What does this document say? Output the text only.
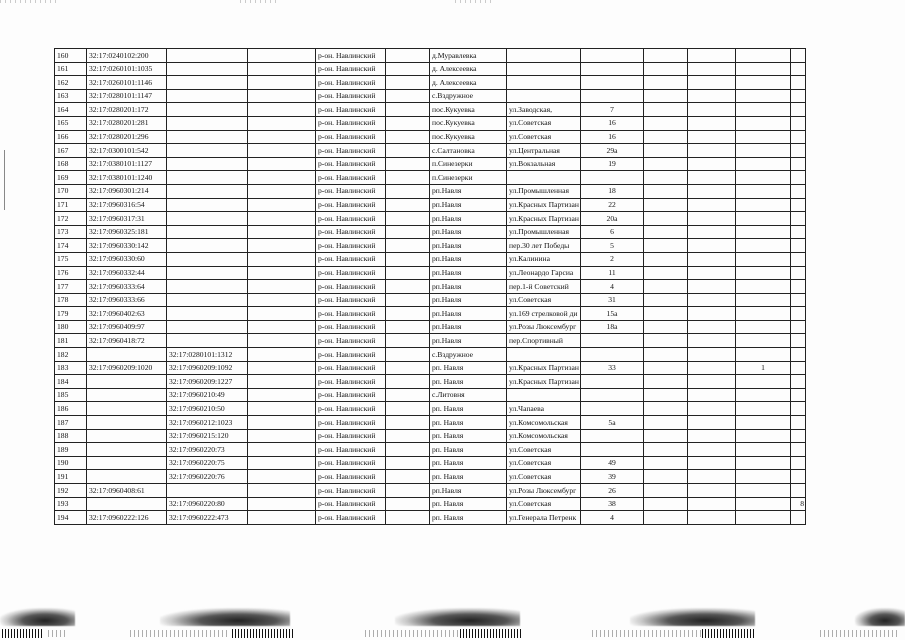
160	32:17:0240102:200			р-он. Навлинский		д.Муравлевка						
161	32:17:0260101:1035			р-он. Навлинский		д. Алексеевка						
162	32:17:0260101:1146			р-он. Навлинский		д. Алексеевка						
163	32:17:0280101:1147			р-он. Навлинский		с.Вздружное						
164	32:17:0280201:172			р-он. Навлинский		пос.Кукуевка	ул.Заводская,	7				
165	32:17:0280201:281			р-он. Навлинский		пос.Кукуевка	ул.Советская	16				
166	32:17:0280201:296			р-он. Навлинский		пос.Кукуевка	ул.Советская	16				
167	32:17:0300101:542			р-он. Навлинский		с.Салтановка	ул.Центральная	29а				
168	32:17:0380101:1127			р-он. Навлинский		п.Синезерки	ул.Вокзальная	19				
169	32:17:0380101:1240			р-он. Навлинский		п.Синезерки						
170	32:17:0960301:214			р-он. Навлинский		рп.Навля	ул.Промышленная	18				
171	32:17:0960316:54			р-он. Навлинский		рп.Навля	ул.Красных Партизан	22				
172	32:17:0960317:31			р-он. Навлинский		рп.Навля	ул.Красных Партизан	20а				
173	32:17:0960325:181			р-он. Навлинский		рп.Навля	ул.Промышленная	6				
174	32:17:0960330:142			р-он. Навлинский		рп.Навля	пер.30 лет Победы	5				
175	32:17:0960330:60			р-он. Навлинский		рп.Навля	ул.Калинина	2				
176	32:17:0960332:44			р-он. Навлинский		рп.Навля	ул.Леонардо Гарсиа	11				
177	32:17:0960333:64			р-он. Навлинский		рп.Навля	пер.1-й Советский	4				
178	32:17:0960333:66			р-он. Навлинский		рп.Навля	ул.Советская	31				
179	32:17:0960402:63			р-он. Навлинский		рп.Навля	ул.169 стрелковой ди	15а				
180	32:17:0960409:97			р-он. Навлинский		рп.Навля	ул.Розы Люксембург	18а				
181	32:17:0960418:72			р-он. Навлинский		рп.Навля	пер.Спортивный					
182		32:17:0280101:1312		р-он. Навлинский		с.Вздружное						
183	32:17:0960209:1020	32:17:0960209:1092		р-он. Навлинский		рп. Навля	ул.Красных Партизан	33			1	
184		32:17:0960209:1227		р-он. Навлинский		рп. Навля	ул.Красных Партизан					
185		32:17:0960210:49		р-он. Навлинский		с.Литовня						
186		32:17:0960210:50		р-он. Навлинский		рп. Навля	ул.Чапаева					
187		32:17:0960212:1023		р-он. Навлинский		рп. Навля	ул.Комсомольская	5а				
188		32:17:0960215:120		р-он. Навлинский		рп. Навля	ул.Комсомольская					
189		32:17:0960220:73		р-он. Навлинский		рп. Навля	ул.Советская					
190		32:17:0960220:75		р-он. Навлинский		рп. Навля	ул.Советская	49				
191		32:17:0960220:76		р-он. Навлинский		рп. Навля	ул.Советская	39				
192	32:17:0960408:61			р-он. Навлинский		рп.Навля	ул.Розы Люксембург	26				
193		32:17:0960220:80		р-он. Навлинский		рп. Навля	ул.Советская	38				8
194	32:17:0960222:126	32:17:0960222:473		р-он. Навлинский		рп. Навля	ул.Генерала Петренк	4				
